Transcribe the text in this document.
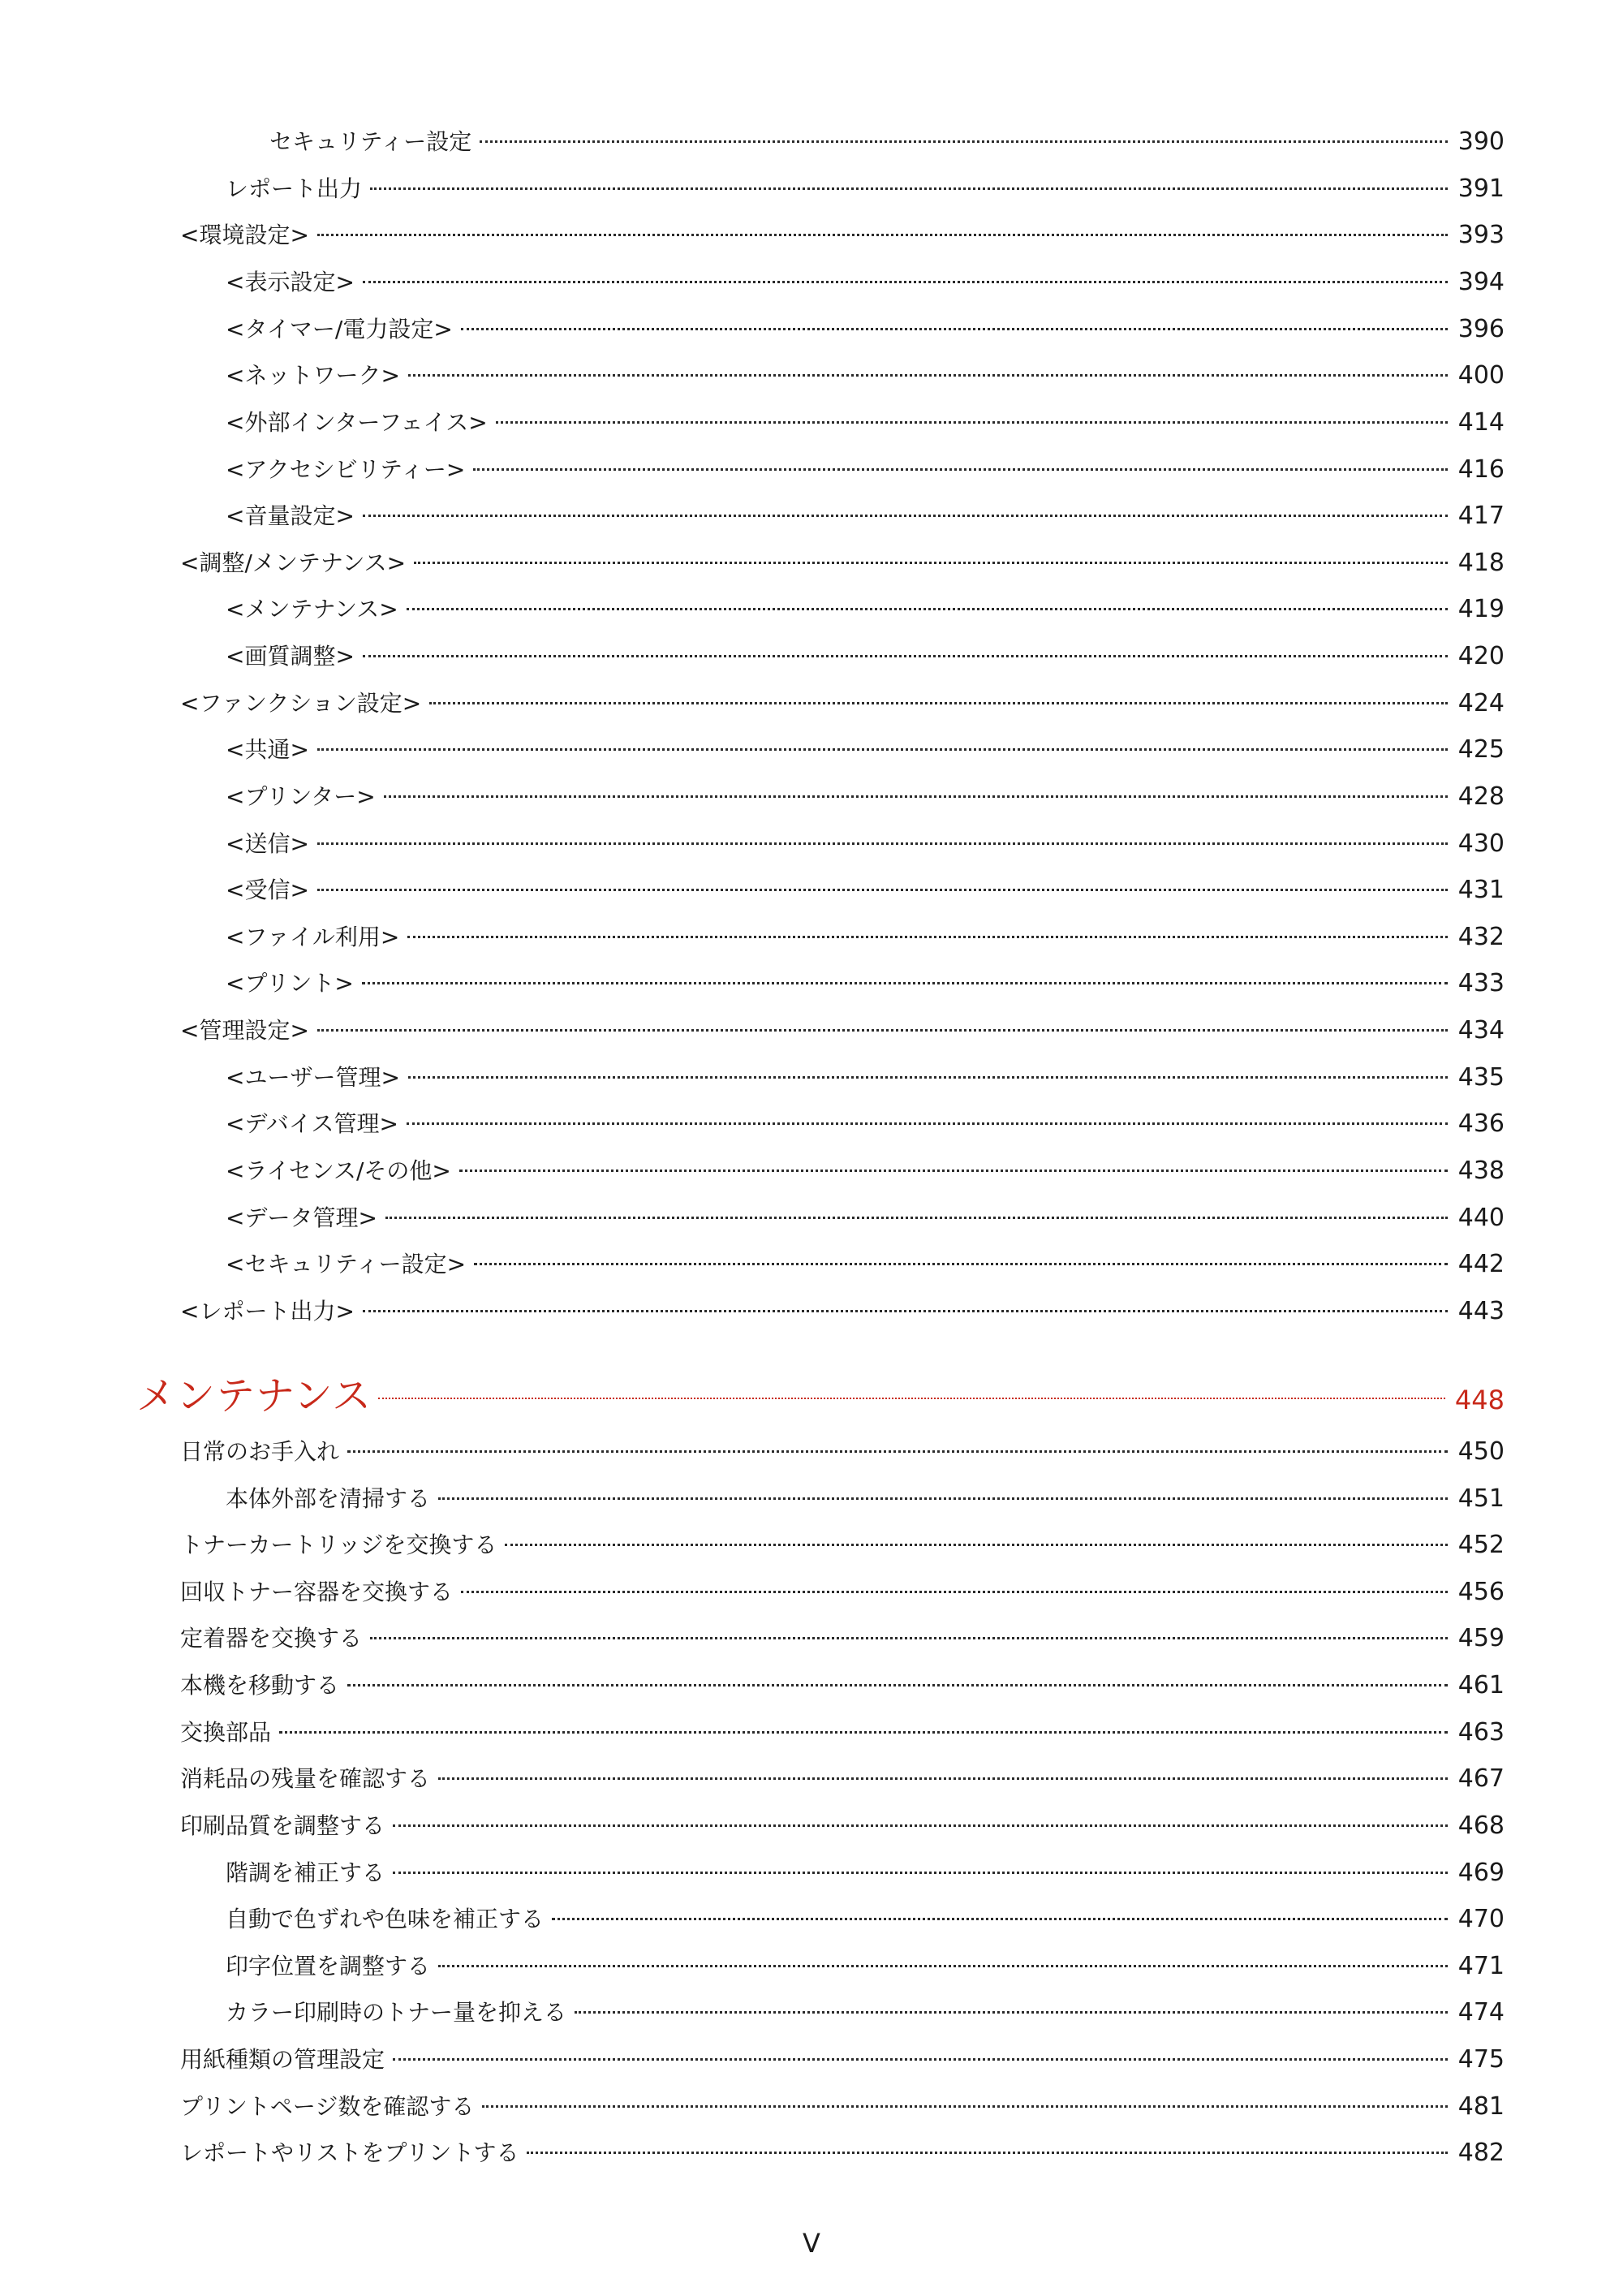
セキュリティー設定	390
レポート出力	391
<環境設定>	393
<表示設定>	394
<タイマー/電力設定>	396
<ネットワーク>	400
<外部インターフェイス>	414
<アクセシビリティー>	416
<音量設定>	417
<調整/メンテナンス>	418
<メンテナンス>	419
<画質調整>	420
<ファンクション設定>	424
<共通>	425
<プリンター>	428
<送信>	430
<受信>	431
<ファイル利用>	432
<プリント>	433
<管理設定>	434
<ユーザー管理>	435
<デバイス管理>	436
<ライセンス/その他>	438
<データ管理>	440
<セキュリティー設定>	442
<レポート出力>	443
メンテナンス	448
日常のお手入れ	450
本体外部を清掃する	451
トナーカートリッジを交換する	452
回収トナー容器を交換する	456
定着器を交換する	459
本機を移動する	461
交換部品	463
消耗品の残量を確認する	467
印刷品質を調整する	468
階調を補正する	469
自動で色ずれや色味を補正する	470
印字位置を調整する	471
カラー印刷時のトナー量を抑える	474
用紙種類の管理設定	475
プリントページ数を確認する	481
レポートやリストをプリントする	482
V
